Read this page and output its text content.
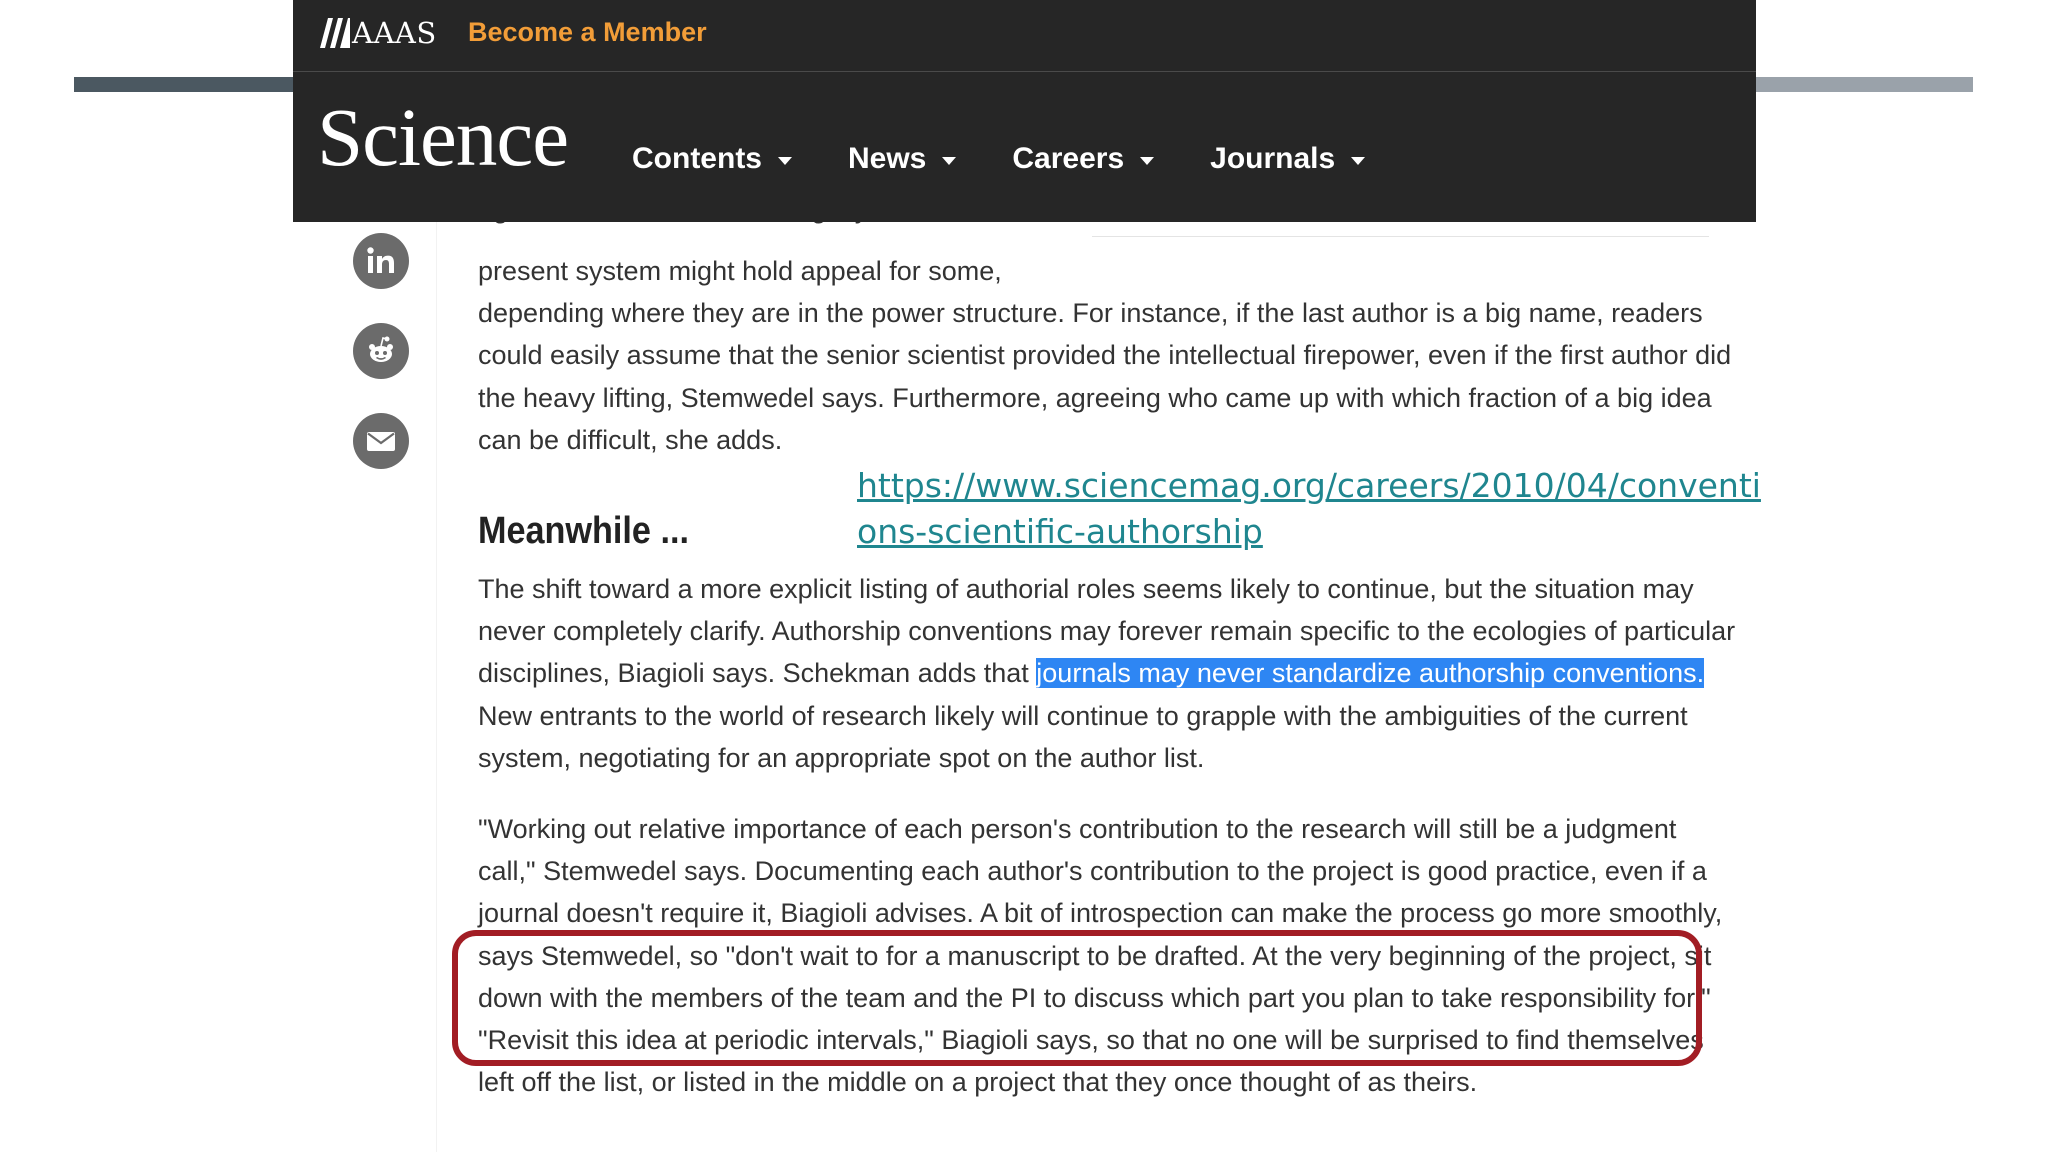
AAAS Become a Member
Science Contents	News	Careers	Journals
present system might hold appeal for some,
depending where they are in the power structure. For instance, if the last author is a big name, readers could easily assume that the senior scientist provided the intellectual firepower, even if the first author did the heavy lifting, Stemwedel says. Furthermore, agreeing who came up with which fraction of a big idea can be difficult, she adds.
Meanwhile ...
The shift toward a more explicit listing of authorial roles seems likely to continue, but the situation may never completely clarify. Authorship conventions may forever remain specific to the ecologies of particular disciplines, Biagioli says. Schekman adds that journals may never standardize authorship conventions. New entrants to the world of research likely will continue to grapple with the ambiguities of the current system, negotiating for an appropriate spot on the author list.
"Working out relative importance of each person's contribution to the research will still be a judgment call," Stemwedel says. Documenting each author's contribution to the project is good practice, even if a journal doesn't require it, Biagioli advises. A bit of introspection can make the process go more smoothly, says Stemwedel, so "don't wait to for a manuscript to be drafted. At the very beginning of the project, sit down with the members of the team and the PI to discuss which part you plan to take responsibility for." "Revisit this idea at periodic intervals," Biagioli says, so that no one will be surprised to find themselves left off the list, or listed in the middle on a project that they once thought of as theirs.
https://www.sciencemag.org/careers/2010/04/conventi
ons-scientific-authorship
